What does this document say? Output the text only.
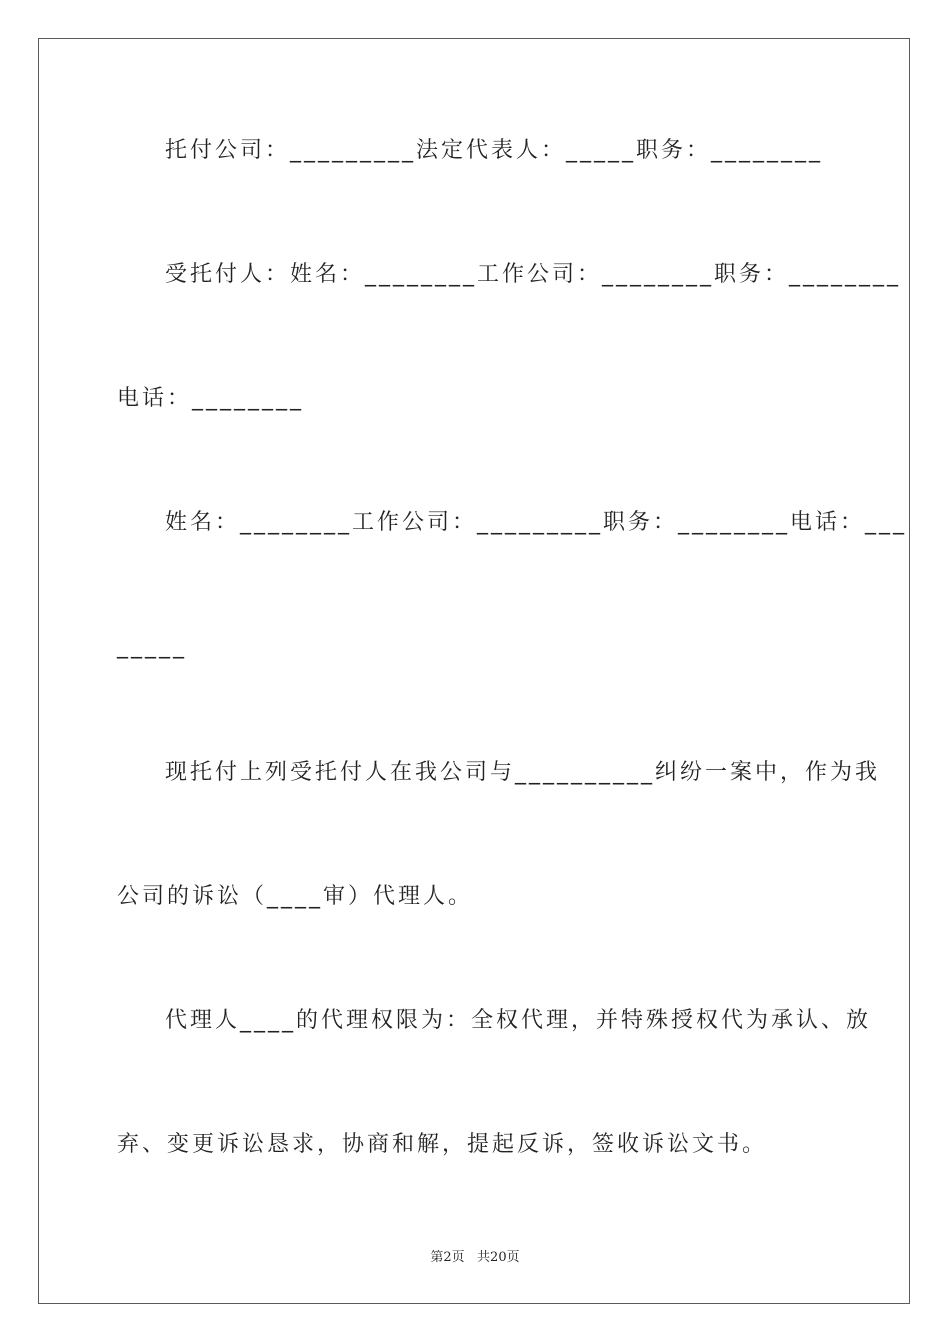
托付公司：_________法定代表人：_____职务：________
受托付人：姓名：________工作公司：________职务：________
电话：________
姓名：________工作公司：_________职务：________电话：___
_____
现托付上列受托付人在我公司与__________纠纷一案中，作为我
公司的诉讼（____审）代理人。
代理人____的代理权限为：全权代理，并特殊授权代为承认、放
弃、变更诉讼恳求，协商和解，提起反诉，签收诉讼文书。
第2页   共20页
